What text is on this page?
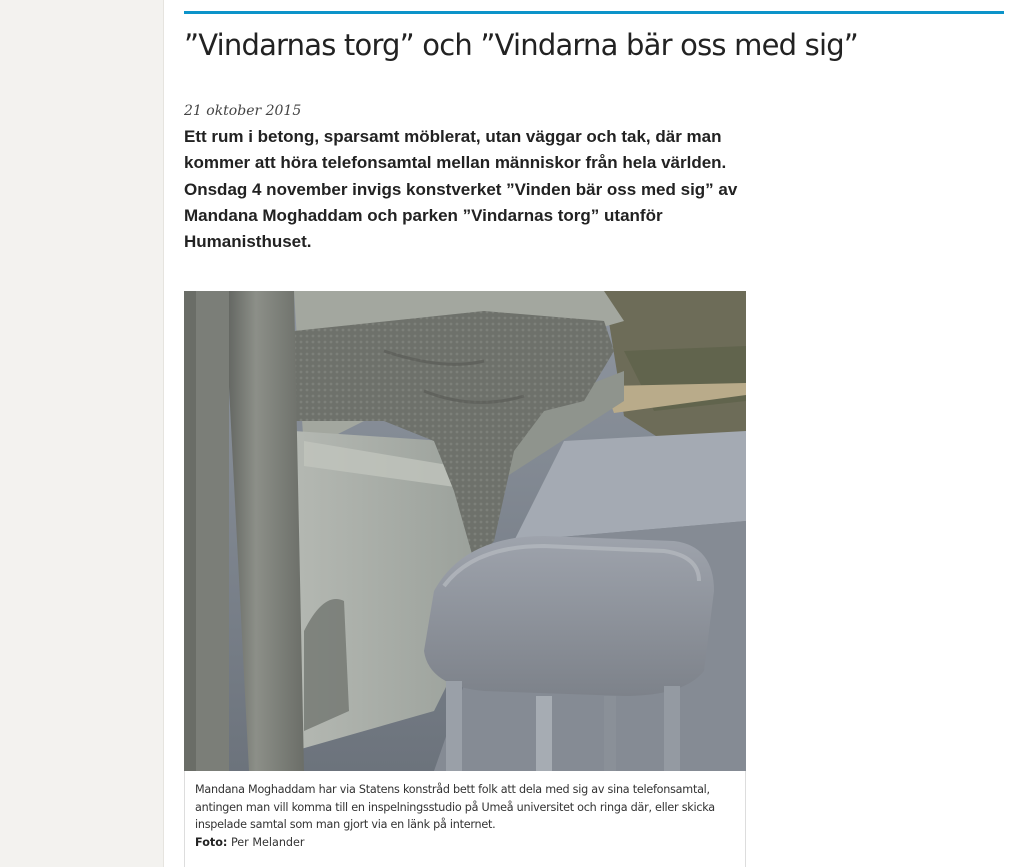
”Vindarnas torg” och ”Vindarna bär oss med sig”
21 oktober 2015

Ett rum i betong, sparsamt möblerat, utan väggar och tak, där man kommer att höra telefonsamtal mellan människor från hela världen. Onsdag 4 november invigs konstverket ”Vinden bär oss med sig” av Mandana Moghaddam och parken ”Vindarnas torg” utanför Humanisthuset.

Mandana Moghaddam har via Statens konstråd bett folk att dela med sig av sina telefonsamtal, antingen man vill komma till en inspelningsstudio på Umeå universitet och ringa där, eller skicka inspelade samtal som man gjort via en länk på internet.
Foto: Per Melander
